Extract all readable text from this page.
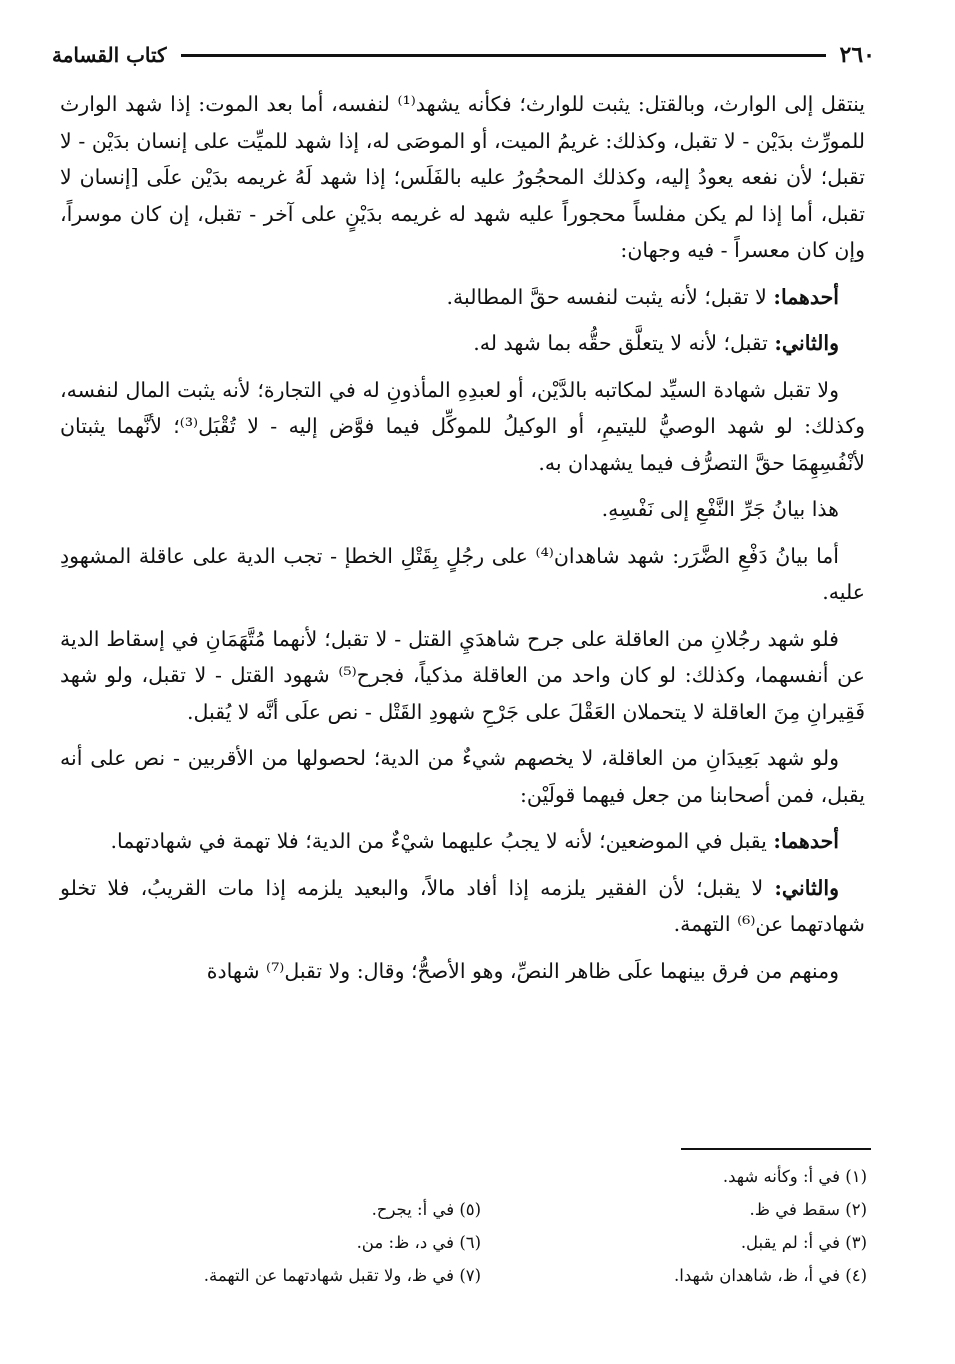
٢٦٠
كتاب القسامة

ينتقل إلى الوارث، وبالقتل: يثبت للوارث؛ فكأنه يشهد⁽¹⁾ لنفسه، أما بعد الموت: إذا شهد الوارث للمورِّث بدَيْن - لا تقبل، وكذلك: غريمُ الميت، أو الموصَى له، إذا شهد للميِّت على إنسان بدَيْن - لا تقبل؛ لأن نفعه يعودُ إليه، وكذلك المحجُورُ عليه بالفَلَس؛ إذا شهد لَهُ غريمه بدَيْن علَى [إنسان لا تقبل، أما إذا لم يكن مفلساً محجوراً عليه شهد له غريمه بدَيْنٍ على آخر - تقبل، إن كان موسراً، وإن كان معسراً - فيه وجهان:

أحدهما: لا تقبل؛ لأنه يثبت لنفسه حقَّ المطالبة.

والثاني: تقبل؛ لأنه لا يتعلَّق حقُّه بما شهد له.

ولا تقبل شهادة السيِّد لمكاتبه بالدَّيْن، أو لعبدِهِ المأذونِ له في التجارة؛ لأنه يثبت المال لنفسه، وكذلك: لو شهد الوصيُّ لليتيمِ، أو الوكيلُ للموكِّل فيما فوَّض إليه - لا تُقْبَل⁽³⁾؛ لأنَّهما يثبتان لأنْفُسِهِمَا حقَّ التصرُّف فيما يشهدان به.

هذا بيانُ جَرِّ النَّفْعِ إلى نَفْسِهِ.

أما بيانُ دَفْعِ الضَّرَر: شهد شاهدان⁽⁴⁾ على رجُلٍ بِقَتْلِ الخطإ - تجب الدية على عاقلة المشهودِ عليه.

فلو شهد رجُلانِ من العاقلة على جرح شاهدَيِ القتل - لا تقبل؛ لأنهما مُتَّهَمَانِ في إسقاط الدية عن أنفسهما، وكذلك: لو كان واحد من العاقلة مذكياً، فجرح⁽⁵⁾ شهود القتل - لا تقبل، ولو شهد فَقِيرانِ مِنَ العاقلة لا يتحملان العَقْلَ على جَرْحِ شهودِ القَتْل - نص علَى أنَّه لا يُقبل.

ولو شهد بَعِيدَانِ من العاقلة، لا يخصهم شيءٌ من الدية؛ لحصولها من الأقربين - نص على أنه يقبل، فمن أصحابنا من جعل فيهما قولَيْن:

أحدهما: يقبل في الموضعين؛ لأنه لا يجبُ عليهما شيْءٌ من الدية؛ فلا تهمة في شهادتهما.

والثاني: لا يقبل؛ لأن الفقير يلزمه إذا أفاد مالاً، والبعيد يلزمه إذا مات القريبُ، فلا تخلو شهادتهما عن⁽⁶⁾ التهمة.

ومنهم من فرق بينهما علَى ظاهر النصِّ، وهو الأصحُّ؛ وقال: ولا تقبل⁽⁷⁾ شهادة

(١) في أ: وكأنه شهد.
(٢) سقط في ظ.
(٣) في أ: لم يقبل.
(٤) في أ، ظ، شاهدان شهدا.
(٥) في أ: يجرح.
(٦) في د، ظ: من.
(٧) في ظ، ولا تقبل شهادتهما عن التهمة.
